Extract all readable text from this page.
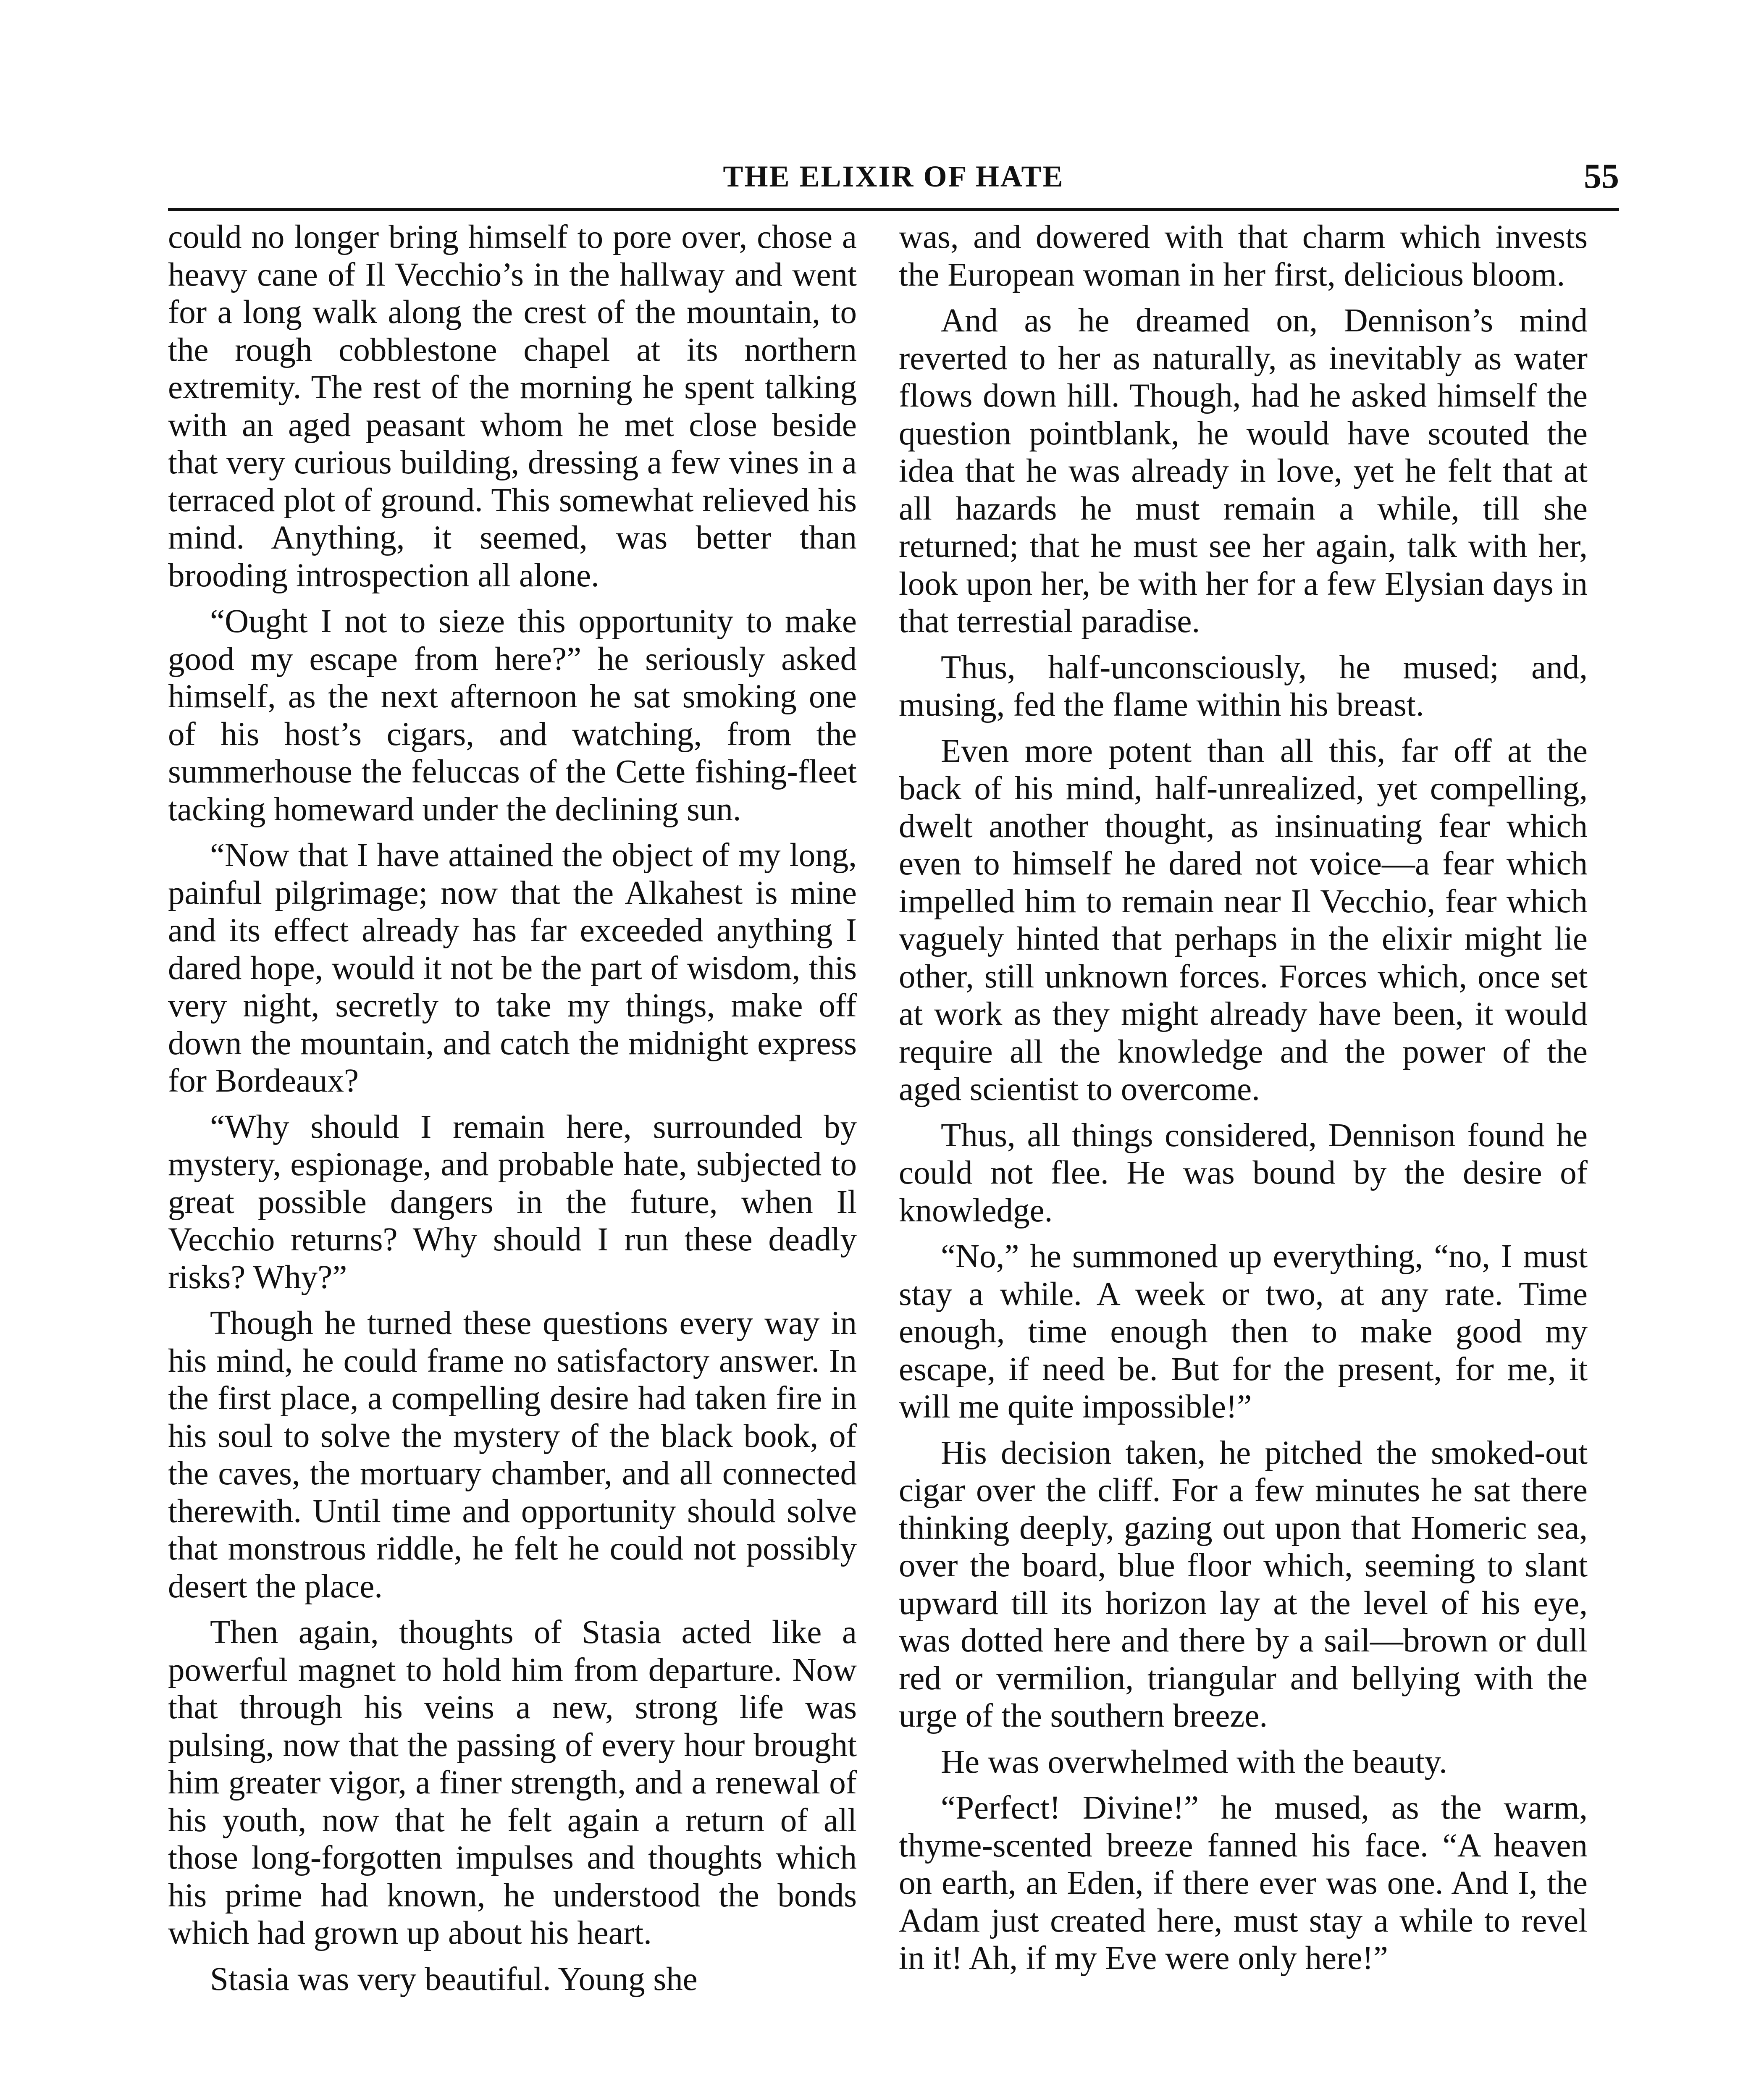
THE ELIXIR OF HATE	55

could no longer bring himself to pore over, chose a heavy cane of Il Vecchio’s in the hallway and went for a long walk along the crest of the mountain, to the rough cobblestone chapel at its northern extremity. The rest of the morning he spent talking with an aged peasant whom he met close beside that very curious building, dressing a few vines in a terraced plot of ground. This somewhat relieved his mind. Anything, it seemed, was better than brooding introspection all alone.

“Ought I not to sieze this opportunity to make good my escape from here?” he seriously asked himself, as the next afternoon he sat smoking one of his host’s cigars, and watching, from the summerhouse the feluccas of the Cette fishing-fleet tacking homeward under the declining sun.

“Now that I have attained the object of my long, painful pilgrimage; now that the Alkahest is mine and its effect already has far exceeded anything I dared hope, would it not be the part of wisdom, this very night, secretly to take my things, make off down the mountain, and catch the midnight express for Bordeaux?

“Why should I remain here, surrounded by mystery, espionage, and probable hate, subjected to great possible dangers in the future, when Il Vecchio returns? Why should I run these deadly risks? Why?”

Though he turned these questions every way in his mind, he could frame no satisfactory answer. In the first place, a compelling desire had taken fire in his soul to solve the mystery of the black book, of the caves, the mortuary chamber, and all connected therewith. Until time and opportunity should solve that monstrous riddle, he felt he could not possibly desert the place.

Then again, thoughts of Stasia acted like a powerful magnet to hold him from departure. Now that through his veins a new, strong life was pulsing, now that the passing of every hour brought him greater vigor, a finer strength, and a renewal of his youth, now that he felt again a return of all those long-forgotten impulses and thoughts which his prime had known, he understood the bonds which had grown up about his heart.

Stasia was very beautiful. Young she

was, and dowered with that charm which invests the European woman in her first, delicious bloom.

And as he dreamed on, Dennison’s mind reverted to her as naturally, as inevitably as water flows down hill. Though, had he asked himself the question pointblank, he would have scouted the idea that he was already in love, yet he felt that at all hazards he must remain a while, till she returned; that he must see her again, talk with her, look upon her, be with her for a few Elysian days in that terrestial paradise.

Thus, half-unconsciously, he mused; and, musing, fed the flame within his breast.

Even more potent than all this, far off at the back of his mind, half-unrealized, yet compelling, dwelt another thought, as insinuating fear which even to himself he dared not voice—a fear which impelled him to remain near Il Vecchio, fear which vaguely hinted that perhaps in the elixir might lie other, still unknown forces. Forces which, once set at work as they might already have been, it would require all the knowledge and the power of the aged scientist to overcome.

Thus, all things considered, Dennison found he could not flee. He was bound by the desire of knowledge.

“No,” he summoned up everything, “no, I must stay a while. A week or two, at any rate. Time enough, time enough then to make good my escape, if need be. But for the present, for me, it will me quite impossible!”

His decision taken, he pitched the smoked-out cigar over the cliff. For a few minutes he sat there thinking deeply, gazing out upon that Homeric sea, over the board, blue floor which, seeming to slant upward till its horizon lay at the level of his eye, was dotted here and there by a sail—brown or dull red or vermilion, triangular and bellying with the urge of the southern breeze.

He was overwhelmed with the beauty.

“Perfect! Divine!” he mused, as the warm, thyme-scented breeze fanned his face. “A heaven on earth, an Eden, if there ever was one. And I, the Adam just created here, must stay a while to revel in it! Ah, if my Eve were only here!”
